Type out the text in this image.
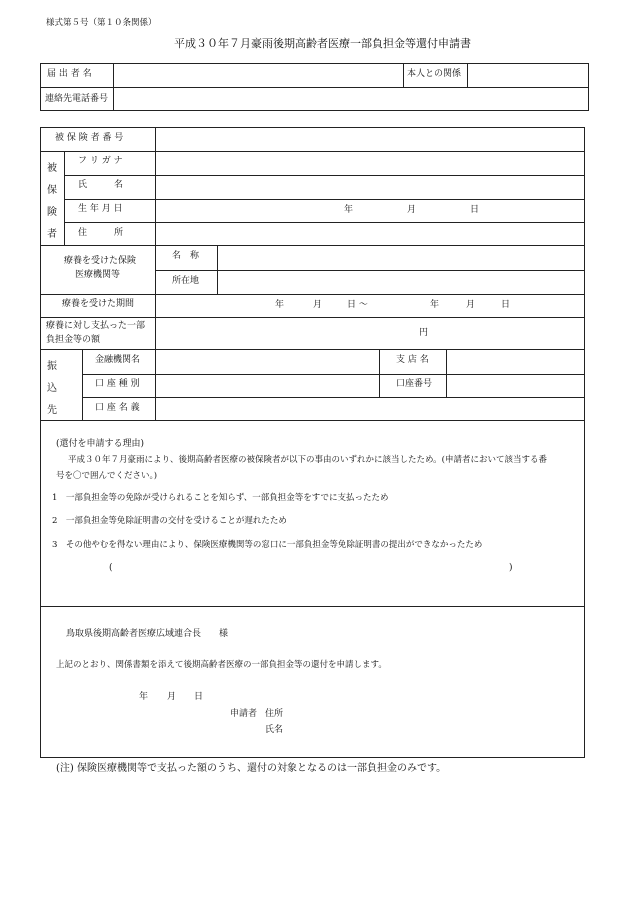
様式第５号（第１０条関係）
平成３０年７月豪雨後期高齢者医療一部負担金等還付申請書
届 出 者 名	本人との関係
連絡先電話番号
被 保 険 者 番 号
被
保
険
者
フ リ ガ ナ
氏　　　名
生 年 月 日	年	月	日
住　　　所
療養を受けた保険
医療機関等
名　称
所在地
療養を受けた期間	年	月	日 ～	年	月	日
療養に対し支払った一部
負担金等の額
円
振
込
先
金融機関名	支 店 名
口 座 種 別	口座番号
口 座 名 義
(還付を申請する理由)
平成３０年７月豪雨により、後期高齢者医療の被保険者が以下の事由のいずれかに該当したため。(申請者において該当する番
号を〇で囲んでください。)
1　一部負担金等の免除が受けられることを知らず、一部負担金等をすでに支払ったため
2　一部負担金等免除証明書の交付を受けることが遅れたため
3　その他やむを得ない理由により、保険医療機関等の窓口に一部負担金等免除証明書の提出ができなかったため
(	)
鳥取県後期高齢者医療広域連合長　　様
上記のとおり、関係書類を添えて後期高齢者医療の一部負担金等の還付を申請します。
年 月 日
申請者 住所
氏名
(注) 保険医療機関等で支払った額のうち、還付の対象となるのは一部負担金のみです。
